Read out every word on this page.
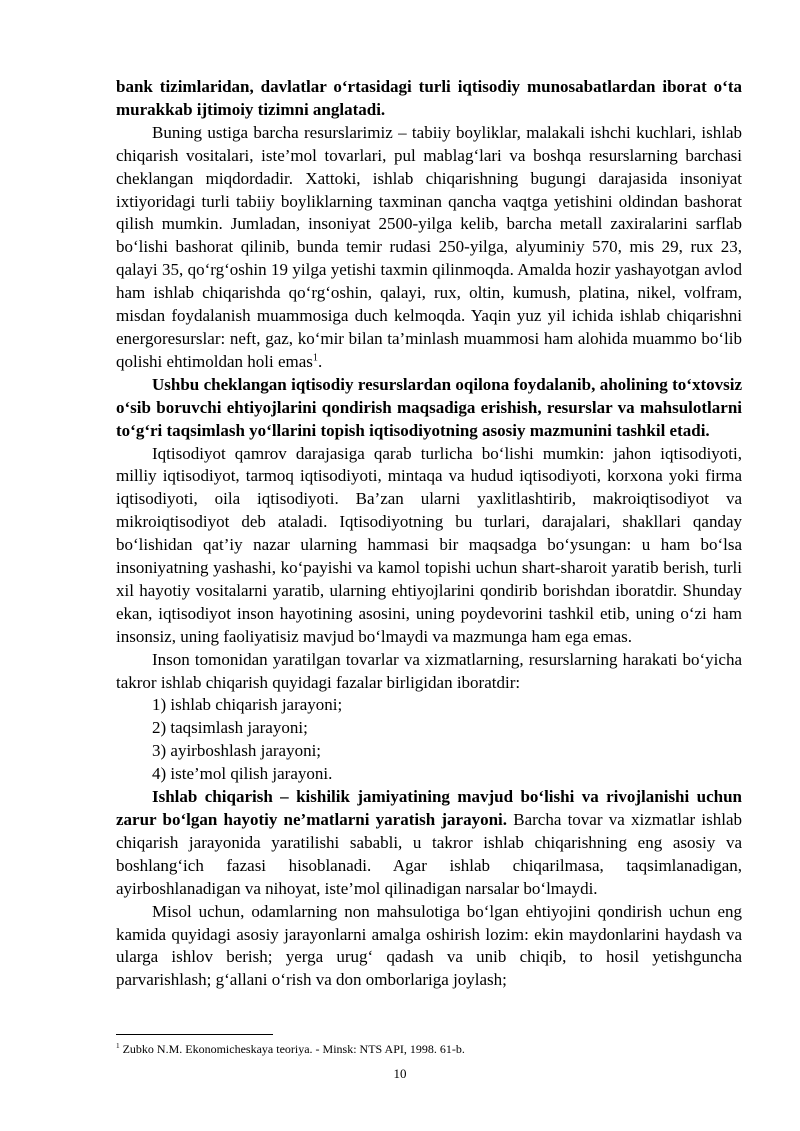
bank tizimlaridan, davlatlar o‘rtasidagi turli iqtisodiy munosabatlardan iborat o‘ta murakkab ijtimoiy tizimni anglatadi.

Buning ustiga barcha resurslarimiz – tabiiy boyliklar, malakali ishchi kuchlari, ishlab chiqarish vositalari, iste’mol tovarlari, pul mablag‘lari va boshqa resurslarning barchasi cheklangan miqdordadir. Xattoki, ishlab chiqarishning bugungi darajasida insoniyat ixtiyoridagi turli tabiiy boyliklarning taxminan qancha vaqtga yetishini oldindan bashorat qilish mumkin. Jumladan, insoniyat 2500-yilga kelib, barcha metall zaxiralarini sarflab bo‘lishi bashorat qilinib, bunda temir rudasi 250-yilga, alyuminiy 570, mis 29, rux 23, qalayi 35, qo‘rg‘oshin 19 yilga yetishi taxmin qilinmoqda. Amalda hozir yashayotgan avlod ham ishlab chiqarishda qo‘rg‘oshin, qalayi, rux, oltin, kumush, platina, nikel, volfram, misdan foydalanish muammosiga duch kelmoqda. Yaqin yuz yil ichida ishlab chiqarishni energoresurslar: neft, gaz, ko‘mir bilan ta’minlash muammosi ham alohida muammo bo‘lib qolishi ehtimoldan holi emas$^1$.

Ushbu cheklangan iqtisodiy resurslardan oqilona foydalanib, aholining to‘xtovsiz o‘sib boruvchi ehtiyojlarini qondirish maqsadiga erishish, resurslar va mahsulotlarni to‘g‘ri taqsimlash yo‘llarini topish iqtisodiyotning asosiy mazmunini tashkil etadi.

Iqtisodiyot qamrov darajasiga qarab turlicha bo‘lishi mumkin: jahon iqtisodiyoti, milliy iqtisodiyot, tarmoq iqtisodiyoti, mintaqa va hudud iqtisodiyoti, korxona yoki firma iqtisodiyoti, oila iqtisodiyoti. Ba’zan ularni yaxlitlashtirib, makroiqtisodiyot va mikroiqtisodiyot deb ataladi. Iqtisodiyotning bu turlari, darajalari, shakllari qanday bo‘lishidan qat’iy nazar ularning hammasi bir maqsadga bo‘ysungan: u ham bo‘lsa insoniyatning yashashi, ko‘payishi va kamol topishi uchun shart-sharoit yaratib berish, turli xil hayotiy vositalarni yaratib, ularning ehtiyojlarini qondirib borishdan iboratdir. Shunday ekan, iqtisodiyot inson hayotining asosini, uning poydevorini tashkil etib, uning o‘zi ham insonsiz, uning faoliyatisiz mavjud bo‘lmaydi va mazmunga ham ega emas.

Inson tomonidan yaratilgan tovarlar va xizmatlarning, resurslarning harakati bo‘yicha takror ishlab chiqarish quyidagi fazalar birligidan iboratdir:

1) ishlab chiqarish jarayoni;
2) taqsimlash jarayoni;
3) ayirboshlash jarayoni;
4) iste’mol qilish jarayoni.

Ishlab chiqarish – kishilik jamiyatining mavjud bo‘lishi va rivojlanishi uchun zarur bo‘lgan hayotiy ne’matlarni yaratish jarayoni. Barcha tovar va xizmatlar ishlab chiqarish jarayonida yaratilishi sababli, u takror ishlab chiqarishning eng asosiy va boshlang‘ich fazasi hisoblanadi. Agar ishlab chiqarilmasa, taqsimlanadigan, ayirboshlanadigan va nihoyat, iste’mol qilinadigan narsalar bo‘lmaydi.

Misol uchun, odamlarning non mahsulotiga bo‘lgan ehtiyojini qondirish uchun eng kamida quyidagi asosiy jarayonlarni amalga oshirish lozim: ekin maydonlarini haydash va ularga ishlov berish; yerga urug‘ qadash va unib chiqib, to hosil yetishguncha parvarishlash; g‘allani o‘rish va don omborlariga joylash;

$^1$ Zubko N.M. Ekonomicheskaya teoriya. - Minsk: NTS API, 1998. 61-b.
10
